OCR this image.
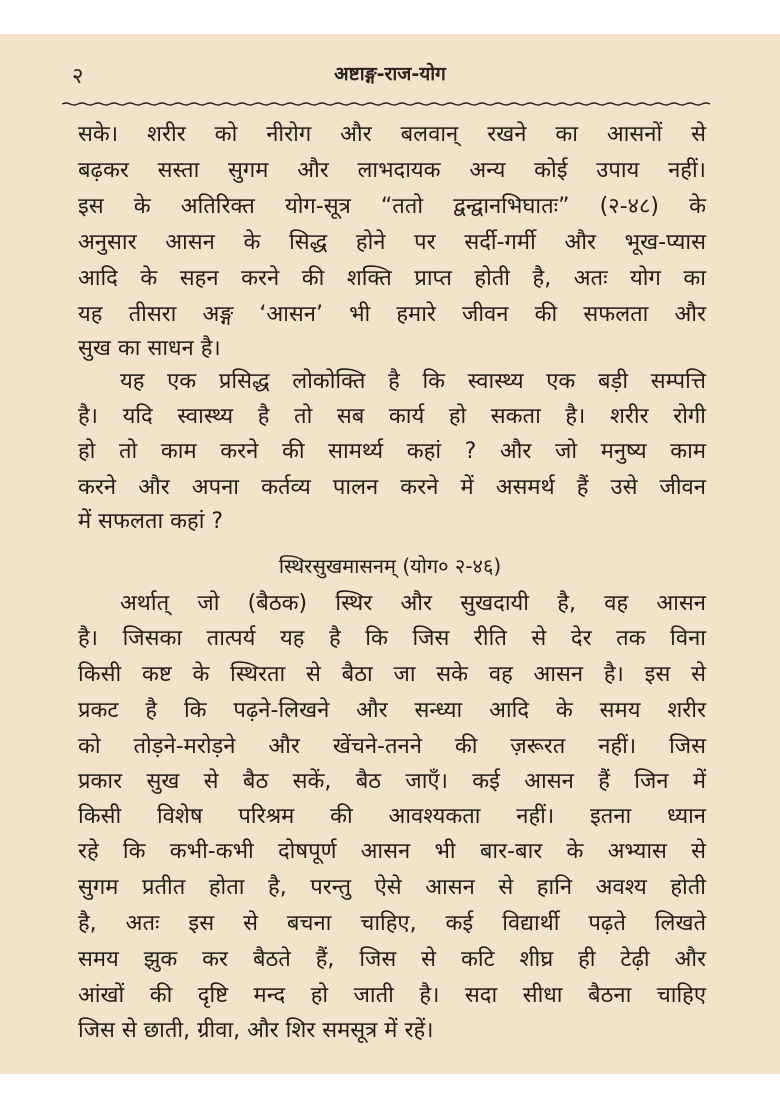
२	अष्टाङ्ग-राज-योग
सके। शरीर को नीरोग और बलवान् रखने का आसनों से
बढ़कर सस्ता सुगम और लाभदायक अन्य कोई उपाय नहीं।
इस के अतिरिक्त योग-सूत्र “ततो द्वन्द्वानभिघातः” (२-४८) के
अनुसार आसन के सिद्ध होने पर सर्दी-गर्मी और भूख-प्यास
आदि के सहन करने की शक्ति प्राप्त होती है, अतः योग का
यह तीसरा अङ्ग ‘आसन’ भी हमारे जीवन की सफलता और
सुख का साधन है।
यह एक प्रसिद्ध लोकोक्ति है कि स्वास्थ्य एक बड़ी सम्पत्ति
है। यदि स्वास्थ्य है तो सब कार्य हो सकता है। शरीर रोगी
हो तो काम करने की सामर्थ्य कहां ? और जो मनुष्य काम
करने और अपना कर्तव्य पालन करने में असमर्थ हैं उसे जीवन
में सफलता कहां ?
स्थिरसुखमासनम् (योग० २-४६)
अर्थात् जो (बैठक) स्थिर और सुखदायी है, वह आसन
है। जिसका तात्पर्य यह है कि जिस रीति से देर तक विना
किसी कष्ट के स्थिरता से बैठा जा सके वह आसन है। इस से
प्रकट है कि पढ़ने-लिखने और सन्ध्या आदि के समय शरीर
को तोड़ने-मरोड़ने और खेंचने-तनने की ज़रूरत नहीं। जिस
प्रकार सुख से बैठ सकें, बैठ जाएँ। कई आसन हैं जिन में
किसी विशेष परिश्रम की आवश्यकता नहीं। इतना ध्यान
रहे कि कभी-कभी दोषपूर्ण आसन भी बार-बार के अभ्यास से
सुगम प्रतीत होता है, परन्तु ऐसे आसन से हानि अवश्य होती
है, अतः इस से बचना चाहिए, कई विद्यार्थी पढ़ते लिखते
समय झुक कर बैठते हैं, जिस से कटि शीघ्र ही टेढ़ी और
आंखों की दृष्टि मन्द हो जाती है। सदा सीधा बैठना चाहिए
जिस से छाती, ग्रीवा, और शिर समसूत्र में रहें।
